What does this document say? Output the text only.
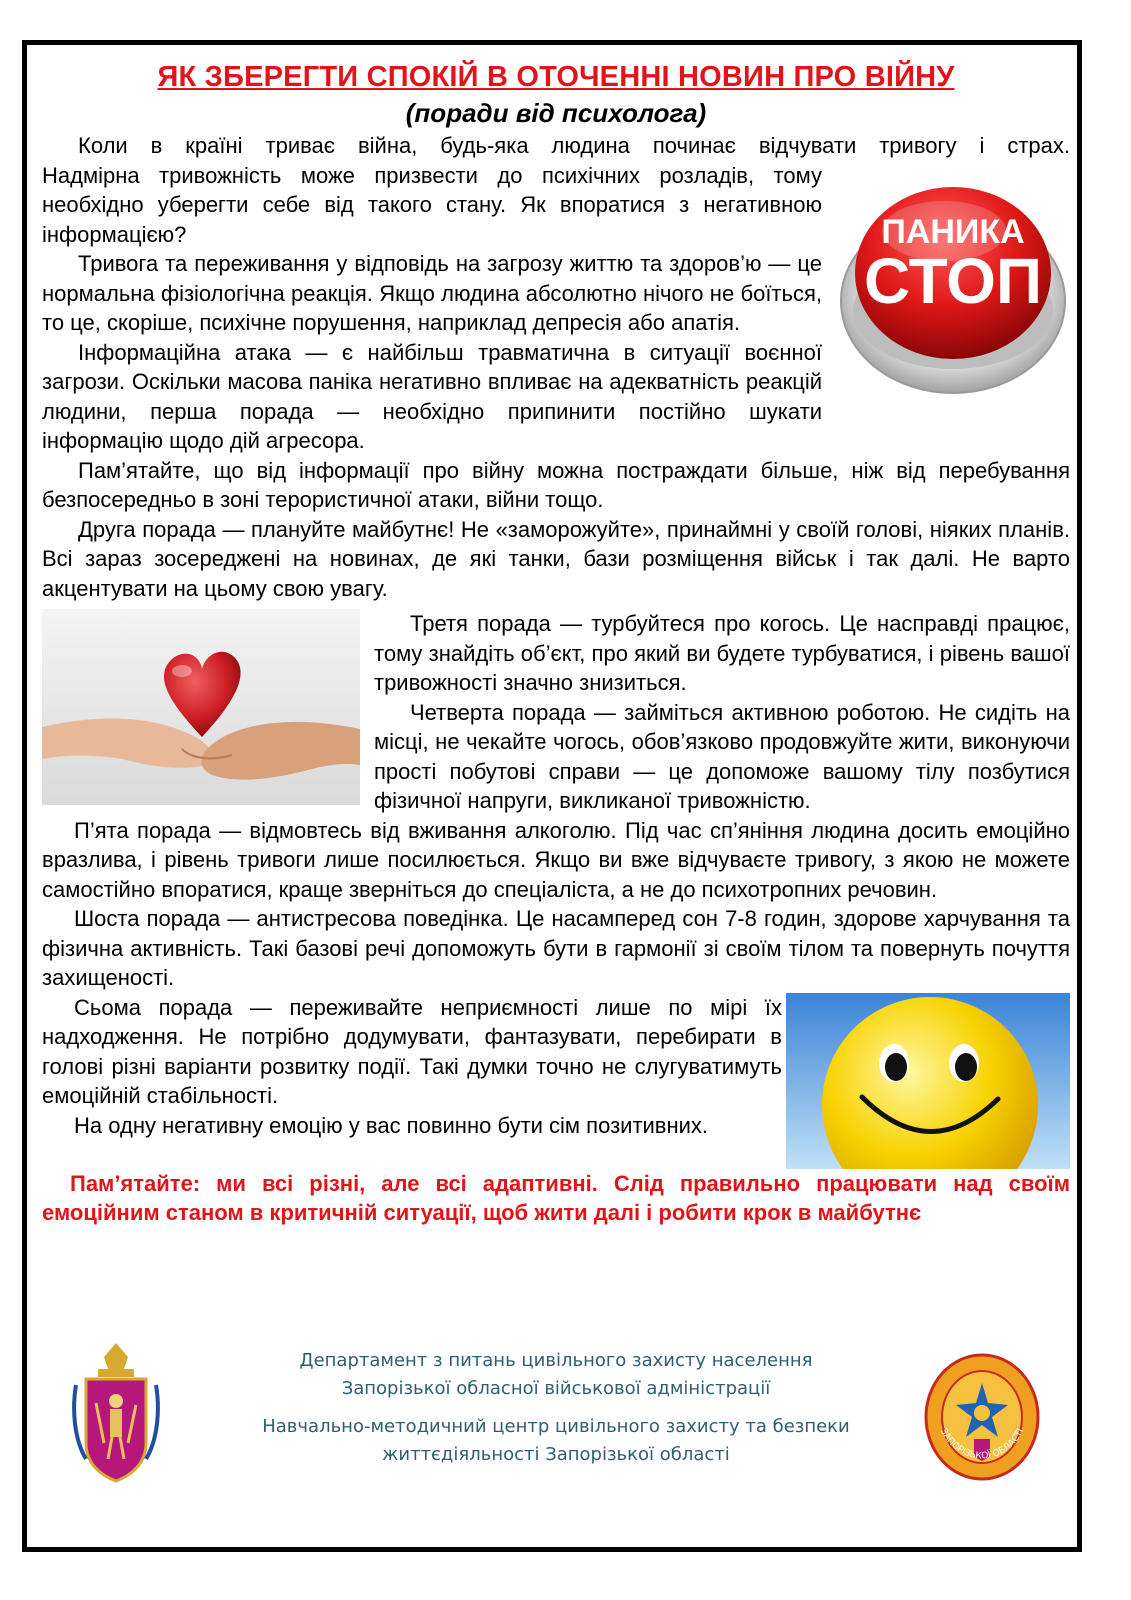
ЯК ЗБЕРЕГТИ СПОКІЙ В ОТОЧЕННІ НОВИН ПРО ВІЙНУ
(поради від психолога)

Коли в країні триває війна, будь-яка людина починає відчувати тривогу і страх.

ПАНИКА
СТОП

Надмірна тривожність може призвести до психічних розладів, тому необхідно уберегти себе від такого стану. Як впоратися з негативною інформацією?

Тривога та переживання у відповідь на загрозу життю та здоров’ю — це нормальна фізіологічна реакція. Якщо людина абсолютно нічого не боїться, то це, скоріше, психічне порушення, наприклад депресія або апатія.

Інформаційна атака — є найбільш травматична в ситуації воєнної загрози. Оскільки масова паніка негативно впливає на адекватність реакцій людини, перша порада — необхідно припинити постійно шукати інформацію щодо дій агресора.

Пам’ятайте, що від інформації про війну можна постраждати більше, ніж від перебування безпосередньо в зоні терористичної атаки, війни тощо.

Друга порада — плануйте майбутнє! Не «заморожуйте», принаймні у своїй голові, ніяких планів. Всі зараз зосереджені на новинах, де які танки, бази розміщення військ і так далі. Не варто акцентувати на цьому свою увагу.

Третя порада — турбуйтеся про когось. Це насправді працює, тому знайдіть об’єкт, про який ви будете турбуватися, і рівень вашої тривожності значно знизиться.

Четверта порада — займіться активною роботою. Не сидіть на місці, не чекайте чогось, обов’язково продовжуйте жити, виконуючи прості побутові справи — це допоможе вашому тілу позбутися фізичної напруги, викликаної тривожністю.

П’ята порада — відмовтесь від вживання алкоголю. Під час сп’яніння людина досить емоційно вразлива, і рівень тривоги лише посилюється. Якщо ви вже відчуваєте тривогу, з якою не можете самостійно впоратися, краще зверніться до спеціаліста, а не до психотропних речовин.

Шоста порада — антистресова поведінка. Це насамперед сон 7-8 годин, здорове харчування та фізична активність. Такі базові речі допоможуть бути в гармонії зі своїм тілом та повернуть почуття захищеності.

Сьома порада — переживайте неприємності лише по мірі їх надходження. Не потрібно додумувати, фантазувати, перебирати в голові різні варіанти розвитку події. Такі думки точно не слугуватимуть емоційній стабільності.

На одну негативну емоцію у вас повинно бути сім позитивних.

Пам’ятайте: ми всі різні, але всі адаптивні. Слід правильно працювати над своїм емоційним станом в критичній ситуації, щоб жити далі і робити крок в майбутнє

Департамент з питань цивільного захисту населення
Запорізької обласної військової адміністрації
Навчально-методичний центр цивільного захисту та безпеки
життєдіяльності Запорізької області
ЗАПОРІЗЬКОЇ ОБЛАСТІ
